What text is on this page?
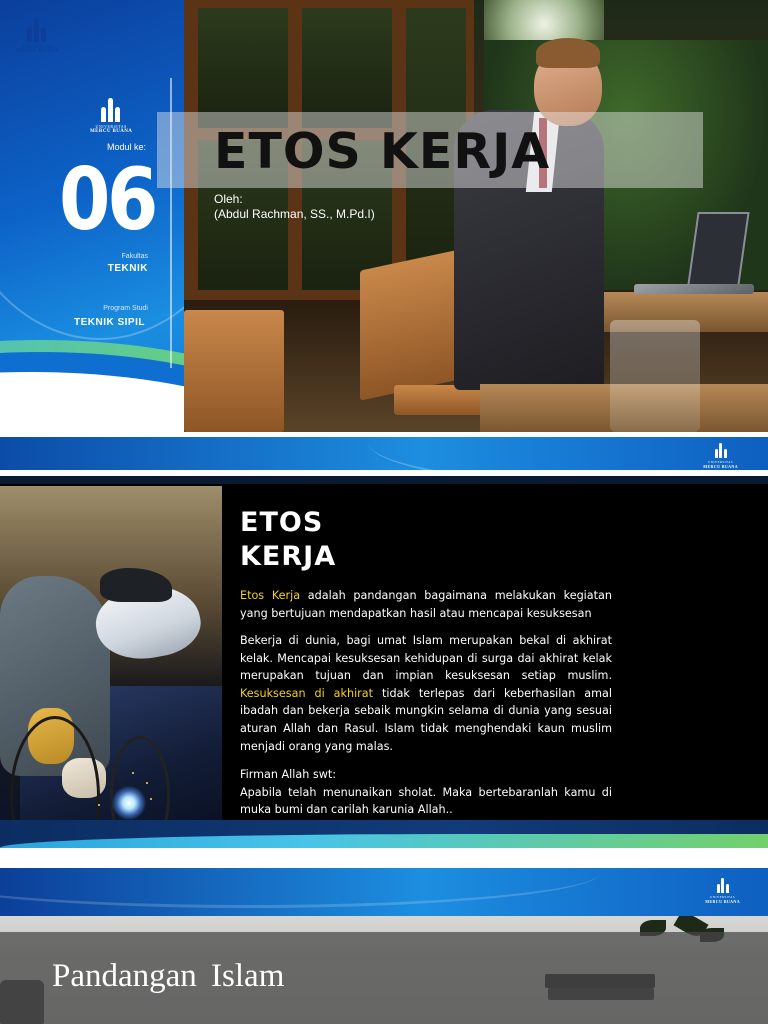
UNIVERSITAS
MERCU BUANA
UNIVERSITAS
MERCU BUANA
Modul ke:
06
Fakultas
TEKNIK
Program Studi
TEKNIK SIPIL
ETOS KERJA
Oleh:
(Abdul Rachman, SS., M.Pd.I)
UNIVERSITAS
MERCU BUANA
ETOS
KERJA

Etos Kerja adalah pandangan bagaimana melakukan kegiatan yang bertujuan mendapatkan hasil atau mencapai kesuksesan

Bekerja di dunia, bagi umat Islam merupakan bekal di akhirat kelak. Mencapai kesuksesan kehidupan di surga dai akhirat kelak merupakan tujuan dan impian kesuksesan setiap muslim. Kesuksesan di akhirat tidak terlepas dari keberhasilan amal ibadah dan bekerja sebaik mungkin selama di dunia yang sesuai aturan Allah dan Rasul. Islam tidak menghendaki kaun muslim menjadi orang yang malas.

Firman Allah swt:
Apabila telah menunaikan sholat. Maka bertebaranlah kamu di muka bumi dan carilah karunia Allah..
UNIVERSITAS
MERCU BUANA
Pandangan Islam
